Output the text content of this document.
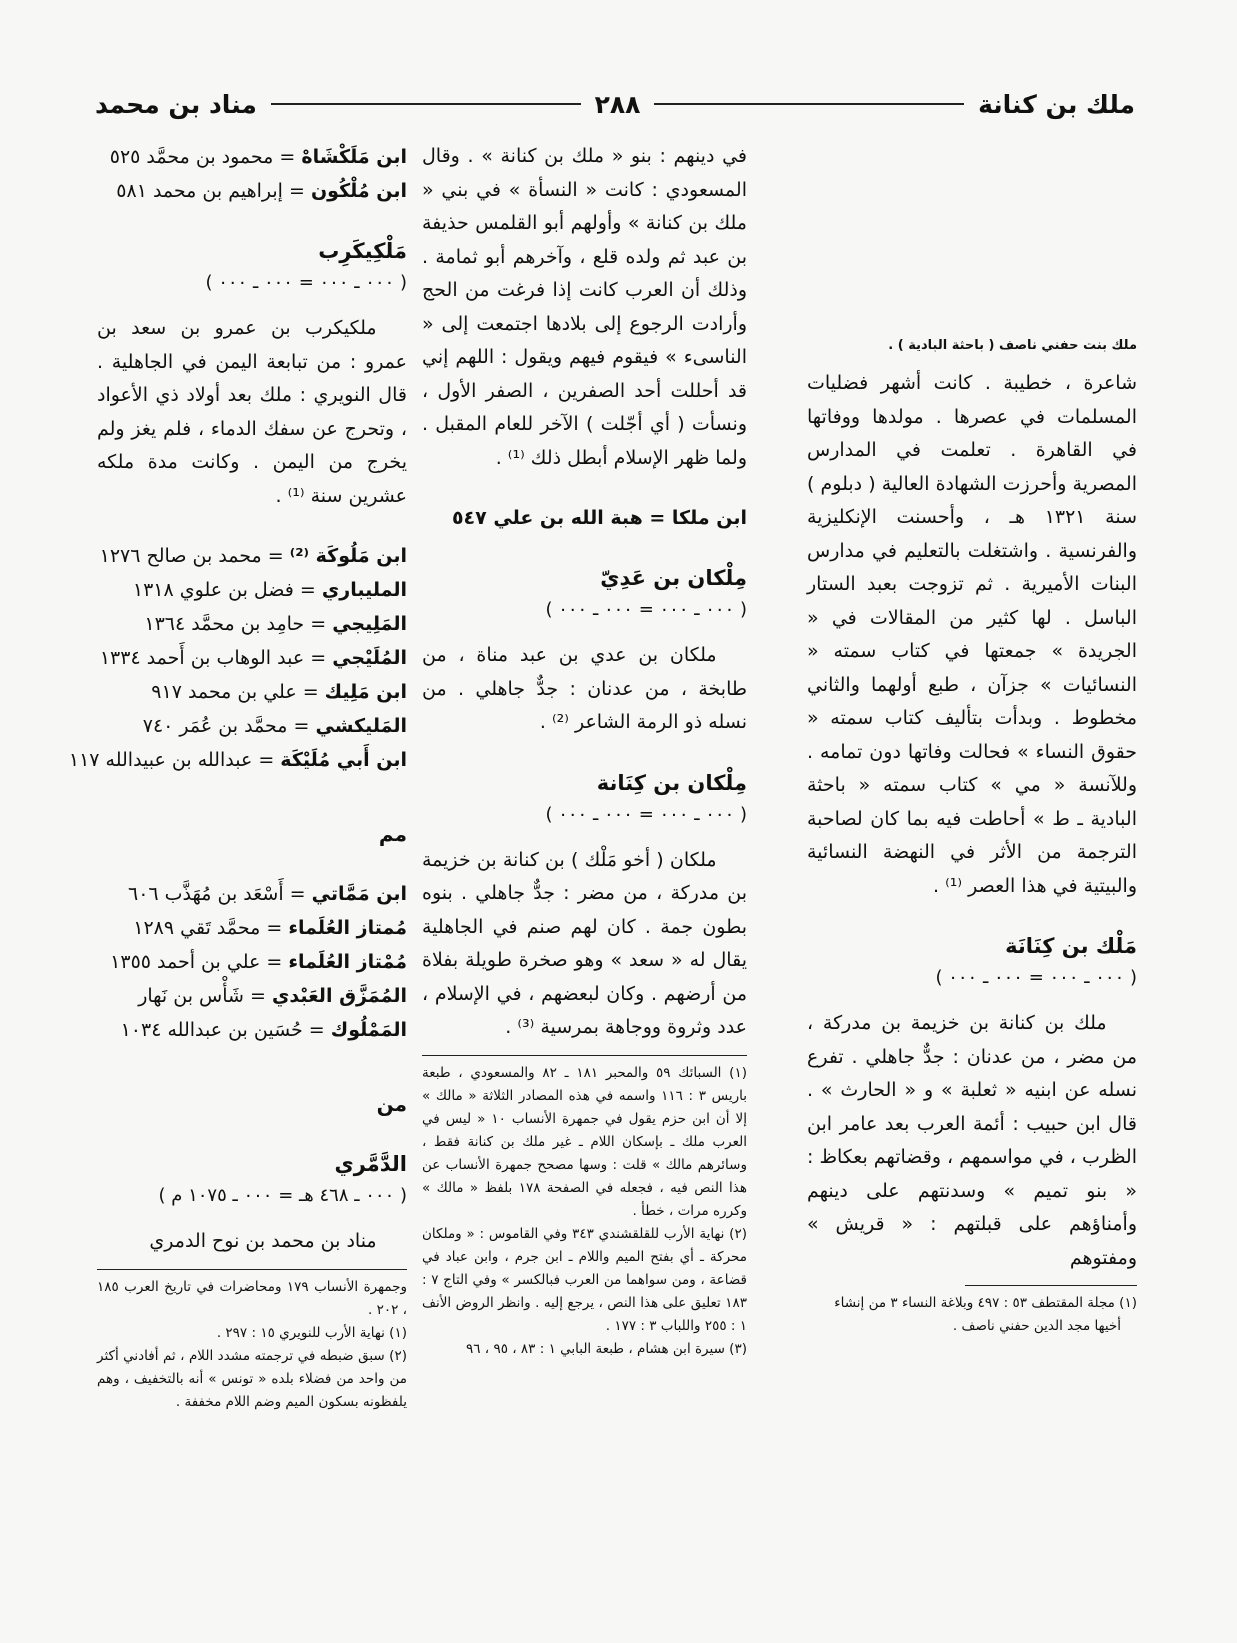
ملك بن كنانة
٢٨٨
مناد بن محمد

ملك بنت حفني ناصف ( باحثة البادية ) .

شاعرة ، خطيبة . كانت أشهر فضليات المسلمات في عصرها . مولدها ووفاتها في القاهرة . تعلمت في المدارس المصرية وأحرزت الشهادة العالية ( دبلوم ) سنة ١٣٢١ هـ ، وأحسنت الإنكليزية والفرنسية . واشتغلت بالتعليم في مدارس البنات الأميرية . ثم تزوجت بعبد الستار الباسل . لها كثير من المقالات في « الجريدة » جمعتها في كتاب سمته « النسائيات » جزآن ، طبع أولهما والثاني مخطوط . وبدأت بتأليف كتاب سمته « حقوق النساء » فحالت وفاتها دون تمامه . وللآنسة « مي » كتاب سمته « باحثة البادية ـ ط » أحاطت فيه بما كان لصاحبة الترجمة من الأثر في النهضة النسائية والبيتية في هذا العصر ⁽¹⁾ .

مَلْك بن كِنَانَة

( ٠٠٠ ـ ٠٠٠ = ٠٠٠ ـ ٠٠٠ )

ملك بن كنانة بن خزيمة بن مدركة ، من مضر ، من عدنان : جدٌّ جاهلي . تفرع نسله عن ابنيه « ثعلبة » و « الحارث » . قال ابن حبيب : أئمة العرب بعد عامر ابن الظرب ، في مواسمهم ، وقضاتهم بعكاظ : « بنو تميم » وسدنتهم على دينهم وأمناؤهم على قبلتهم : « قريش » ومفتوهم

(١) مجلة المقتطف ٥٣ : ٤٩٧ وبلاغة النساء ٣ من إنشاء

أخيها مجد الدين حفني ناصف .

في دينهم : بنو « ملك بن كنانة » . وقال المسعودي : كانت « النسأة » في بني « ملك بن كنانة » وأولهم أبو القلمس حذيفة بن عبد ثم ولده قلع ، وآخرهم أبو ثمامة . وذلك أن العرب كانت إذا فرغت من الحج وأرادت الرجوع إلى بلادها اجتمعت إلى « الناسىء » فيقوم فيهم ويقول : اللهم إني قد أحللت أحد الصفرين ، الصفر الأول ، ونسأت ( أي أجّلت ) الآخر للعام المقبل . ولما ظهر الإسلام أبطل ذلك ⁽¹⁾ .

ابن ملكا = هبة الله بن علي ٥٤٧

مِلْكان بن عَدِيّ

( ٠٠٠ ـ ٠٠٠ = ٠٠٠ ـ ٠٠٠ )

ملكان بن عدي بن عبد مناة ، من طابخة ، من عدنان : جدٌّ جاهلي . من نسله ذو الرمة الشاعر ⁽²⁾ .

مِلْكان بن كِنَانة

( ٠٠٠ ـ ٠٠٠ = ٠٠٠ ـ ٠٠٠ )

ملكان ( أخو مَلْك ) بن كنانة بن خزيمة بن مدركة ، من مضر : جدٌّ جاهلي . بنوه بطون جمة . كان لهم صنم في الجاهلية يقال له « سعد » وهو صخرة طويلة بفلاة من أرضهم . وكان لبعضهم ، في الإسلام ، عدد وثروة ووجاهة بمرسية ⁽³⁾ .

(١) السبائك ٥٩ والمحبر ١٨١ ـ ٨٢ والمسعودي ، طبعة باريس ٣ : ١١٦ واسمه في هذه المصادر الثلاثة « مالك » إلا أن ابن حزم يقول في جمهرة الأنساب ١٠ « ليس في العرب ملك ـ بإسكان اللام ـ غير ملك بن كنانة فقط ، وسائرهم مالك » قلت : وسها مصحح جمهرة الأنساب عن هذا النص فيه ، فجعله في الصفحة ١٧٨ بلفظ « مالك » وكرره مرات ، خطأ .

(٢) نهاية الأرب للقلقشندي ٣٤٣ وفي القاموس : « وملكان محركة ـ أي بفتح الميم واللام ـ ابن جرم ، وابن عباد في قضاعة ، ومن سواهما من العرب فبالكسر » وفي التاج ٧ : ١٨٣ تعليق على هذا النص ، يرجع إليه . وانظر الروض الأنف ١ : ٢٥٥ واللباب ٣ : ١٧٧ .

(٣) سيرة ابن هشام ، طبعة البابي ١ : ٨٣ ، ٩٥ ، ٩٦

ابن مَلَكْشَاهْ = محمود بن محمَّد ٥٢٥

ابن مُلْكُون = إبراهيم بن محمد ٥٨١

مَلْكِيكَرِب

( ٠٠٠ ـ ٠٠٠ = ٠٠٠ ـ ٠٠٠ )

ملكيكرب بن عمرو بن سعد بن عمرو : من تبابعة اليمن في الجاهلية . قال النويري : ملك بعد أولاد ذي الأعواد ، وتحرج عن سفك الدماء ، فلم يغز ولم يخرج من اليمن . وكانت مدة ملكه عشرين سنة ⁽¹⁾ .

ابن مَلُوكَة ⁽²⁾ = محمد بن صالح ١٢٧٦

المليباري = فضل بن علوي ١٣١٨

المَلِيجي = حامِد بن محمَّد ١٣٦٤

المُلَيْجي = عبد الوهاب بن أَحمد ١٣٣٤

ابن مَلِيك = علي بن محمد ٩١٧

المَليكشي = محمَّد بن عُمَر ٧٤٠

ابن أَبي مُلَيْكَة = عبدالله بن عبيدالله ١١٧

مم

ابن مَمَّاتي = أَسْعَد بن مُهَذَّب ٦٠٦

مُمتاز العُلَماء = محمَّد تَقي ١٢٨٩

مُمْتاز العُلَماء = علي بن أحمد ١٣٥٥

المُمَزَّق العَبْدي = شَأْس بن نَهار

المَمْلُوك = حُسَين بن عبدالله ١٠٣٤

من

الدَّمَّري

( ٠٠٠ ـ ٤٦٨ هـ = ٠٠٠ ـ ١٠٧٥ م )

مناد بن محمد بن نوح الدمري

وجمهرة الأنساب ١٧٩ ومحاضرات في تاريخ العرب ١٨٥ ، ٢٠٢ .

(١) نهاية الأرب للنويري ١٥ : ٢٩٧ .

(٢) سبق ضبطه في ترجمته مشدد اللام ، ثم أفادني أكثر من واحد من فضلاء بلده « تونس » أنه بالتخفيف ، وهم يلفظونه بسكون الميم وضم اللام مخففة .
